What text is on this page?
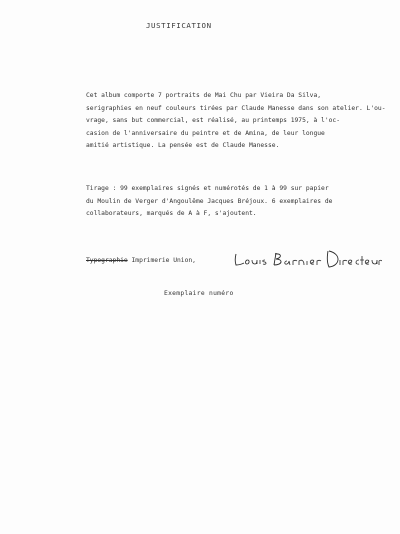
JUSTIFICATION
Cet album comporte 7 portraits de Mai Chu par Vieira Da Silva,
serigraphies en neuf couleurs tirées par Claude Manesse dans son atelier. L'ou-
vrage, sans but commercial, est réalisé, au printemps 1975, à l'oc-
casion de l'anniversaire du peintre et de Amina, de leur longue
amitié artistique. La pensée est de Claude Manesse.
Tirage : 99 exemplaires signés et numérotés de 1 à 99 sur papier
du Moulin de Verger d'Angoulême Jacques Bréjoux. 6 exemplaires de
collaborateurs, marqués de A à F, s'ajoutent.
Typographie Imprimerie Union,
Exemplaire numéro
